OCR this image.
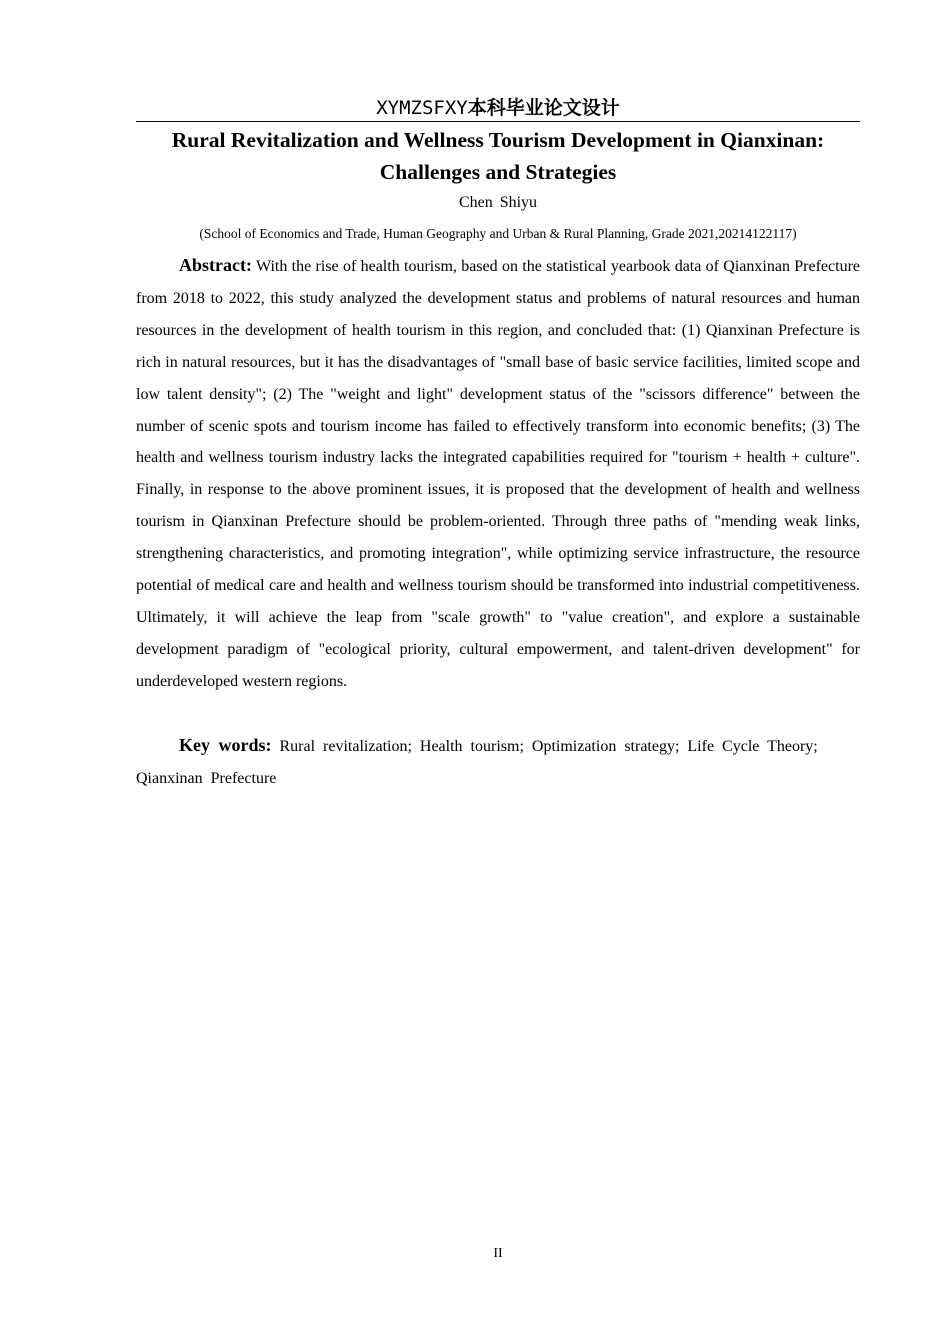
XYMZSFXY本科毕业论文设计
Rural Revitalization and Wellness Tourism Development in Qianxinan:
Challenges and Strategies
Chen Shiyu
(School of Economics and Trade, Human Geography and Urban & Rural Planning, Grade 2021,20214122117)

Abstract: With the rise of health tourism, based on the statistical yearbook data of Qianxinan Prefecture from 2018 to 2022, this study analyzed the development status and problems of natural resources and human resources in the development of health tourism in this region, and concluded that: (1) Qianxinan Prefecture is rich in natural resources, but it has the disadvantages of "small base of basic service facilities, limited scope and low talent density"; (2) The "weight and light" development status of the "scissors difference" between the number of scenic spots and tourism income has failed to effectively transform into economic benefits; (3) The health and wellness tourism industry lacks the integrated capabilities required for "tourism + health + culture". Finally, in response to the above prominent issues, it is proposed that the development of health and wellness tourism in Qianxinan Prefecture should be problem-oriented. Through three paths of "mending weak links, strengthening characteristics, and promoting integration", while optimizing service infrastructure, the resource potential of medical care and health and wellness tourism should be transformed into industrial competitiveness. Ultimately, it will achieve the leap from "scale growth" to "value creation", and explore a sustainable development paradigm of "ecological priority, cultural empowerment, and talent-driven development" for underdeveloped western regions.

Key words: Rural revitalization; Health tourism; Optimization strategy; Life Cycle Theory; Qianxinan Prefecture

II
